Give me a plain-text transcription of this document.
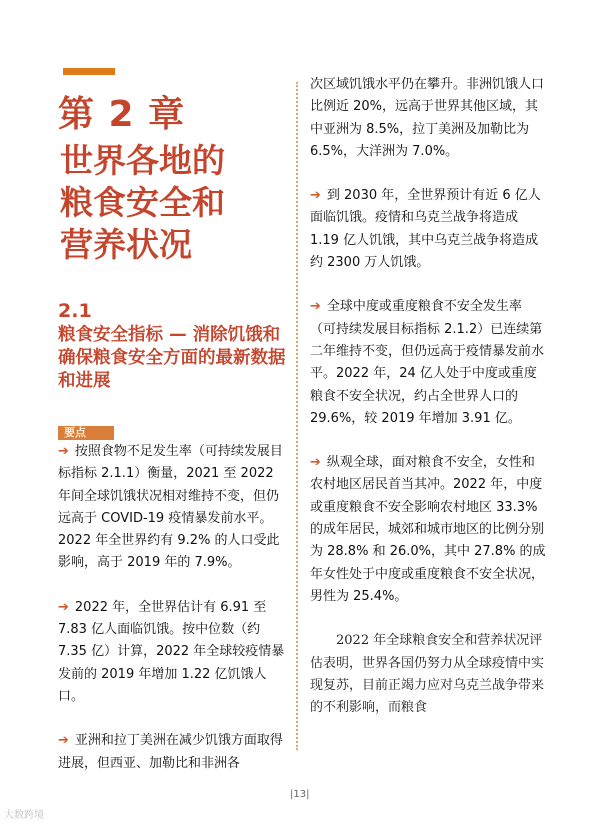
第 2 章
世界各地的
粮食安全和
营养状况
2.1
粮食安全指标 — 消除饥饿和确保粮食安全方面的最新数据和进展
要点

➔ 按照食物不足发生率（可持续发展目标指标 2.1.1）衡量，2021 至 2022 年间全球饥饿状况相对维持不变，但仍远高于 COVID-19 疫情暴发前水平。2022 年全世界约有 9.2% 的人口受此影响，高于 2019 年的 7.9%。

➔ 2022 年，全世界估计有 6.91 至 7.83 亿人面临饥饿。按中位数（约 7.35 亿）计算，2022 年全球较疫情暴发前的 2019 年增加 1.22 亿饥饿人口。

➔ 亚洲和拉丁美洲在减少饥饿方面取得进展，但西亚、加勒比和非洲各

次区域饥饿水平仍在攀升。非洲饥饿人口比例近 20%，远高于世界其他区域，其中亚洲为 8.5%，拉丁美洲及加勒比为 6.5%，大洋洲为 7.0%。

➔ 到 2030 年，全世界预计有近 6 亿人面临饥饿。疫情和乌克兰战争将造成 1.19 亿人饥饿，其中乌克兰战争将造成约 2300 万人饥饿。

➔ 全球中度或重度粮食不安全发生率（可持续发展目标指标 2.1.2）已连续第二年维持不变，但仍远高于疫情暴发前水平。2022 年，24 亿人处于中度或重度粮食不安全状况，约占全世界人口的 29.6%，较 2019 年增加 3.91 亿。

➔ 纵观全球，面对粮食不安全，女性和农村地区居民首当其冲。2022 年，中度或重度粮食不安全影响农村地区 33.3% 的成年居民，城郊和城市地区的比例分别为 28.8% 和 26.0%，其中 27.8% 的成年女性处于中度或重度粮食不安全状况，男性为 25.4%。

2022 年全球粮食安全和营养状况评估表明，世界各国仍努力从全球疫情中实现复苏，目前正竭力应对乌克兰战争带来的不利影响，而粮食

|13|
大数跨境
